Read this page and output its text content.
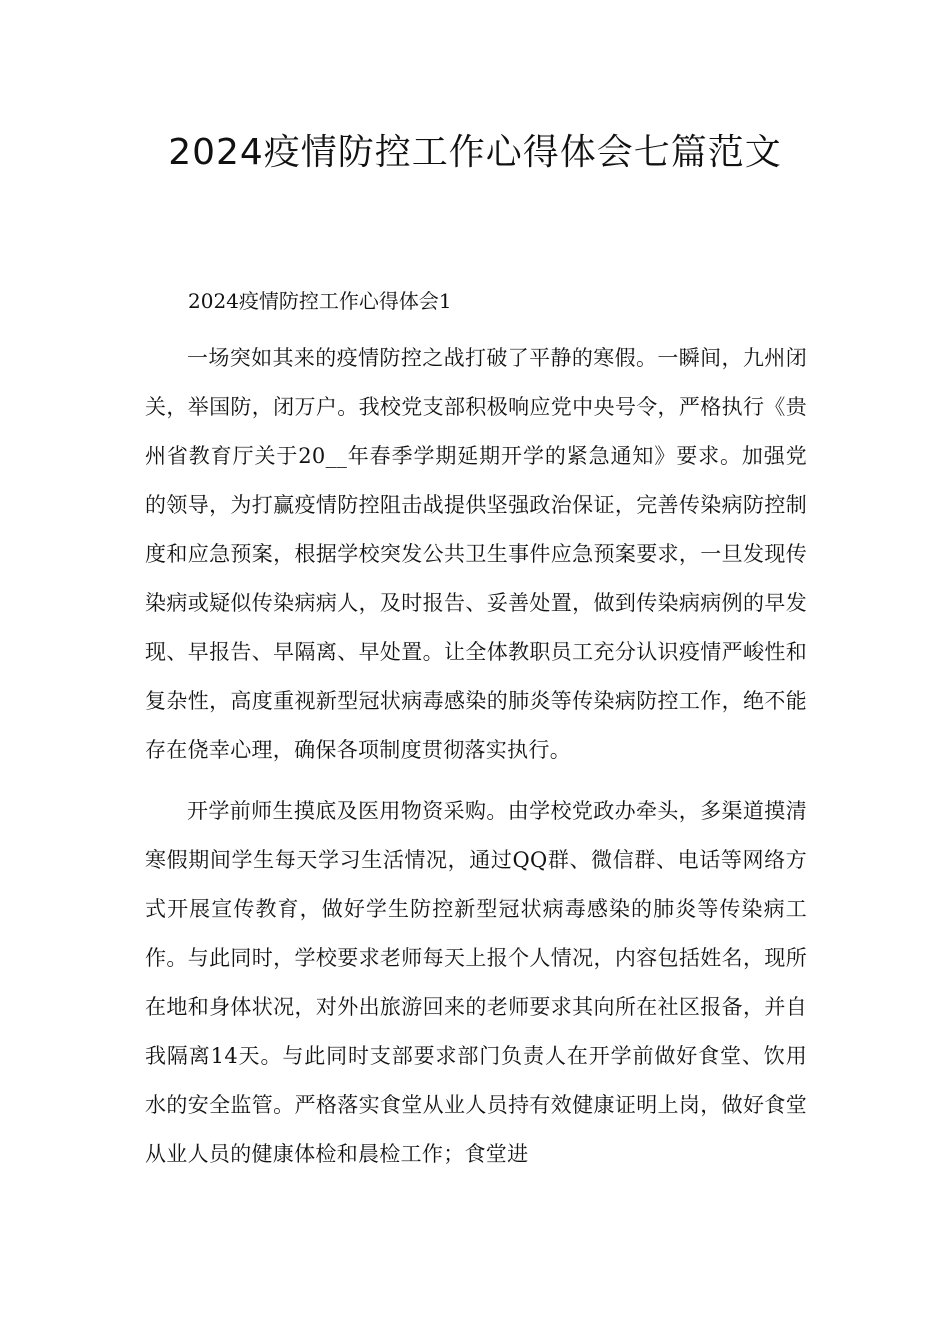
2024疫情防控工作心得体会七篇范文
2024疫情防控工作心得体会1

一场突如其来的疫情防控之战打破了平静的寒假。一瞬间，九州闭关，举国防，闭万户。我校党支部积极响应党中央号令，严格执行《贵州省教育厅关于20__年春季学期延期开学的紧急通知》要求。加强党的领导，为打赢疫情防控阻击战提供坚强政治保证，完善传染病防控制度和应急预案，根据学校突发公共卫生事件应急预案要求，一旦发现传染病或疑似传染病病人，及时报告、妥善处置，做到传染病病例的早发现、早报告、早隔离、早处置。让全体教职员工充分认识疫情严峻性和复杂性，高度重视新型冠状病毒感染的肺炎等传染病防控工作，绝不能存在侥幸心理，确保各项制度贯彻落实执行。

开学前师生摸底及医用物资采购。由学校党政办牵头，多渠道摸清寒假期间学生每天学习生活情况，通过QQ群、微信群、电话等网络方式开展宣传教育，做好学生防控新型冠状病毒感染的肺炎等传染病工作。与此同时，学校要求老师每天上报个人情况，内容包括姓名，现所在地和身体状况，对外出旅游回来的老师要求其向所在社区报备，并自我隔离14天。与此同时支部要求部门负责人在开学前做好食堂、饮用水的安全监管。严格落实食堂从业人员持有效健康证明上岗，做好食堂从业人员的健康体检和晨检工作；食堂进
